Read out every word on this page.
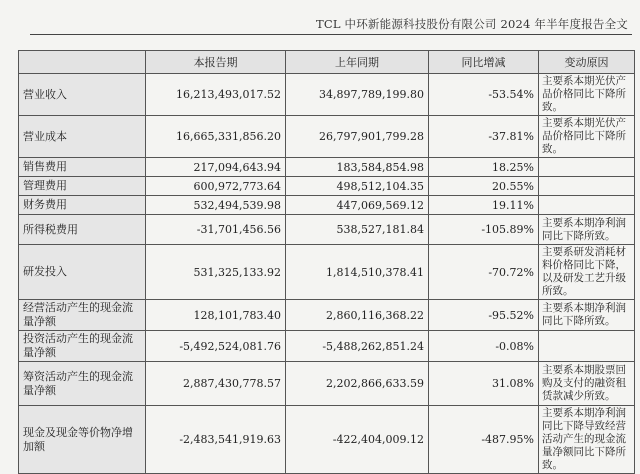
TCL 中环新能源科技股份有限公司 2024 年半年度报告全文
	本报告期	上年同期	同比增减	变动原因
营业收入	16,213,493,017.52	34,897,789,199.80	-53.54%	主要系本期光伏产品价格同比下降所致。
营业成本	16,665,331,856.20	26,797,901,799.28	-37.81%	主要系本期光伏产品价格同比下降所致。
销售费用	217,094,643.94	183,584,854.98	18.25%	
管理费用	600,972,773.64	498,512,104.35	20.55%	
财务费用	532,494,539.98	447,069,569.12	19.11%	
所得税费用	-31,701,456.56	538,527,181.84	-105.89%	主要系本期净利润同比下降所致。
研发投入	531,325,133.92	1,814,510,378.41	-70.72%	主要系研发消耗材料价格同比下降，以及研发工艺升级所致。
经营活动产生的现金流量净额	128,101,783.40	2,860,116,368.22	-95.52%	主要系本期净利润同比下降所致。
投资活动产生的现金流量净额	-5,492,524,081.76	-5,488,262,851.24	-0.08%	
筹资活动产生的现金流量净额	2,887,430,778.57	2,202,866,633.59	31.08%	主要系本期股票回购及支付的融资租赁款减少所致。
现金及现金等价物净增加额	-2,483,541,919.63	-422,404,009.12	-487.95%	主要系本期净利润同比下降导致经营活动产生的现金流量净额同比下降所致。
